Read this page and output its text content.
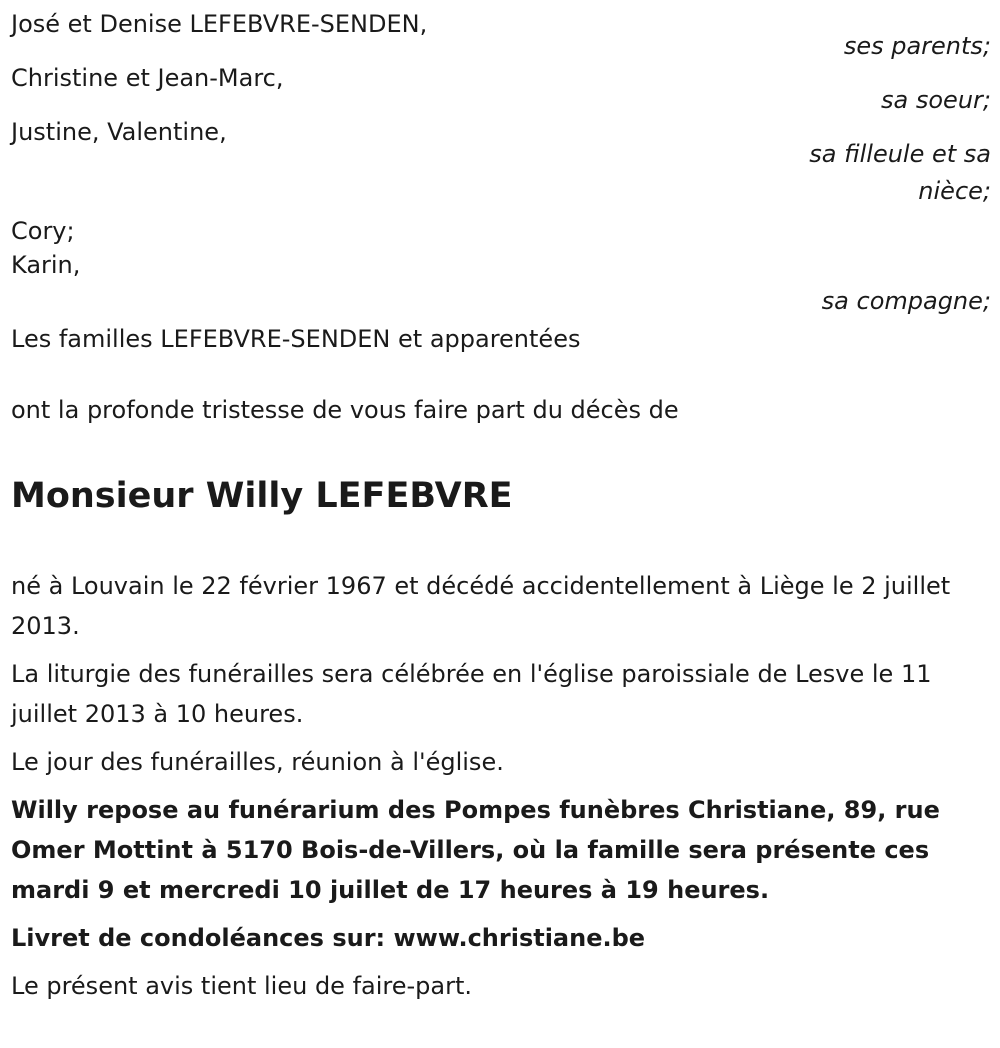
José et Denise LEFEBVRE-SENDEN,
ses parents;
Christine et Jean-Marc,
sa soeur;
Justine, Valentine,
sa filleule et sa
nièce;
Cory;
Karin,
sa compagne;
Les familles LEFEBVRE-SENDEN et apparentées
ont la profonde tristesse de vous faire part du décès de
Monsieur Willy LEFEBVRE
né à Louvain le 22 février 1967 et décédé accidentellement à Liège le 2 juillet 2013.
La liturgie des funérailles sera célébrée en l'église paroissiale de Lesve le 11 juillet 2013 à 10 heures.
Le jour des funérailles, réunion à l'église.
Willy repose au funérarium des Pompes funèbres Christiane, 89, rue Omer Mottint à 5170 Bois-de-Villers, où la famille sera présente ces mardi 9 et mercredi 10 juillet de 17 heures à 19 heures.
Livret de condoléances sur: www.christiane.be
Le présent avis tient lieu de faire-part.
